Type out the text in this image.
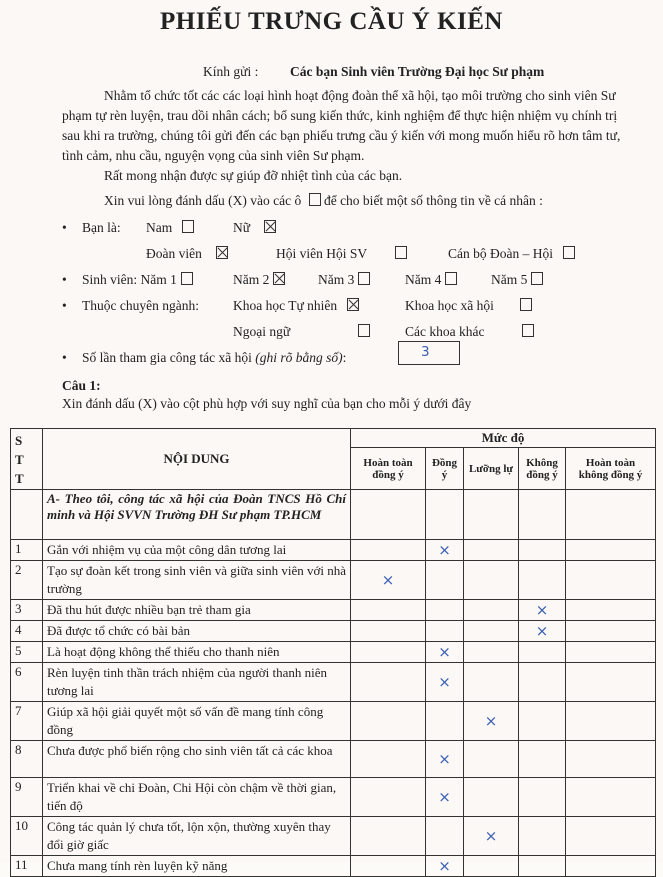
PHIẾU TRƯNG CẦU Ý KIẾN
Kính gửi : Các bạn Sinh viên Trường Đại học Sư phạm
Nhằm tổ chức tốt các các loại hình hoạt động đoàn thể xã hội, tạo môi trường cho sinh viên Sư phạm tự rèn luyện, trau dồi nhân cách; bổ sung kiến thức, kinh nghiệm để thực hiện nhiệm vụ chính trị sau khi ra trường, chúng tôi gửi đến các bạn phiếu trưng cầu ý kiến với mong muốn hiểu rõ hơn tâm tư, tình cảm, nhu cầu, nguyện vọng của sinh viên Sư phạm.
Rất mong nhận được sự giúp đỡ nhiệt tình của các bạn.
Xin vui lòng đánh dấu (X) vào các ô để cho biết một số thông tin về cá nhân :
• Bạn là: Nam	Nữ
Đoàn viên	Hội viên Hội SV	Cán bộ Đoàn – Hội
• Sinh viên: Năm 1	Năm 2	Năm 3	Năm 4	Năm 5
• Thuộc chuyên ngành:	Khoa học Tự nhiên	Khoa học xã hội
Ngoại ngữ	Các khoa khác
• Số lần tham gia công tác xã hội (ghi rõ bằng số):	3
Câu 1:
Xin đánh dấu (X) vào cột phù hợp với suy nghĩ của bạn cho mỗi ý dưới đây
S T T	NỘI DUNG	Mức độ				
		Hoàn toàn đồng ý	Đồng ý	Lưỡng lự	Không đồng ý	Hoàn toàn không đồng ý
	A- Theo tôi, công tác xã hội của Đoàn TNCS Hồ Chí minh và Hội SVVN Trường ĐH Sư phạm TP.HCM					
1	Gắn với nhiệm vụ của một công dân tương lai		×			
2	Tạo sự đoàn kết trong sinh viên và giữa sinh viên với nhà trường	×				
3	Đã thu hút được nhiều bạn trẻ tham gia				×	
4	Đã được tổ chức có bài bản				×	
5	Là hoạt động không thể thiếu cho thanh niên		×			
6	Rèn luyện tinh thần trách nhiệm của người thanh niên tương lai		×			
7	Giúp xã hội giải quyết một số vấn đề mang tính công đồng			×		
8	Chưa được phổ biến rộng cho sinh viên tất cả các khoa		×			
9	Triển khai về chi Đoàn, Chi Hội còn chậm về thời gian, tiến độ		×			
10	Công tác quản lý chưa tốt, lộn xộn, thường xuyên thay đổi giờ giấc			×		
11	Chưa mang tính rèn luyện kỹ năng		×			
